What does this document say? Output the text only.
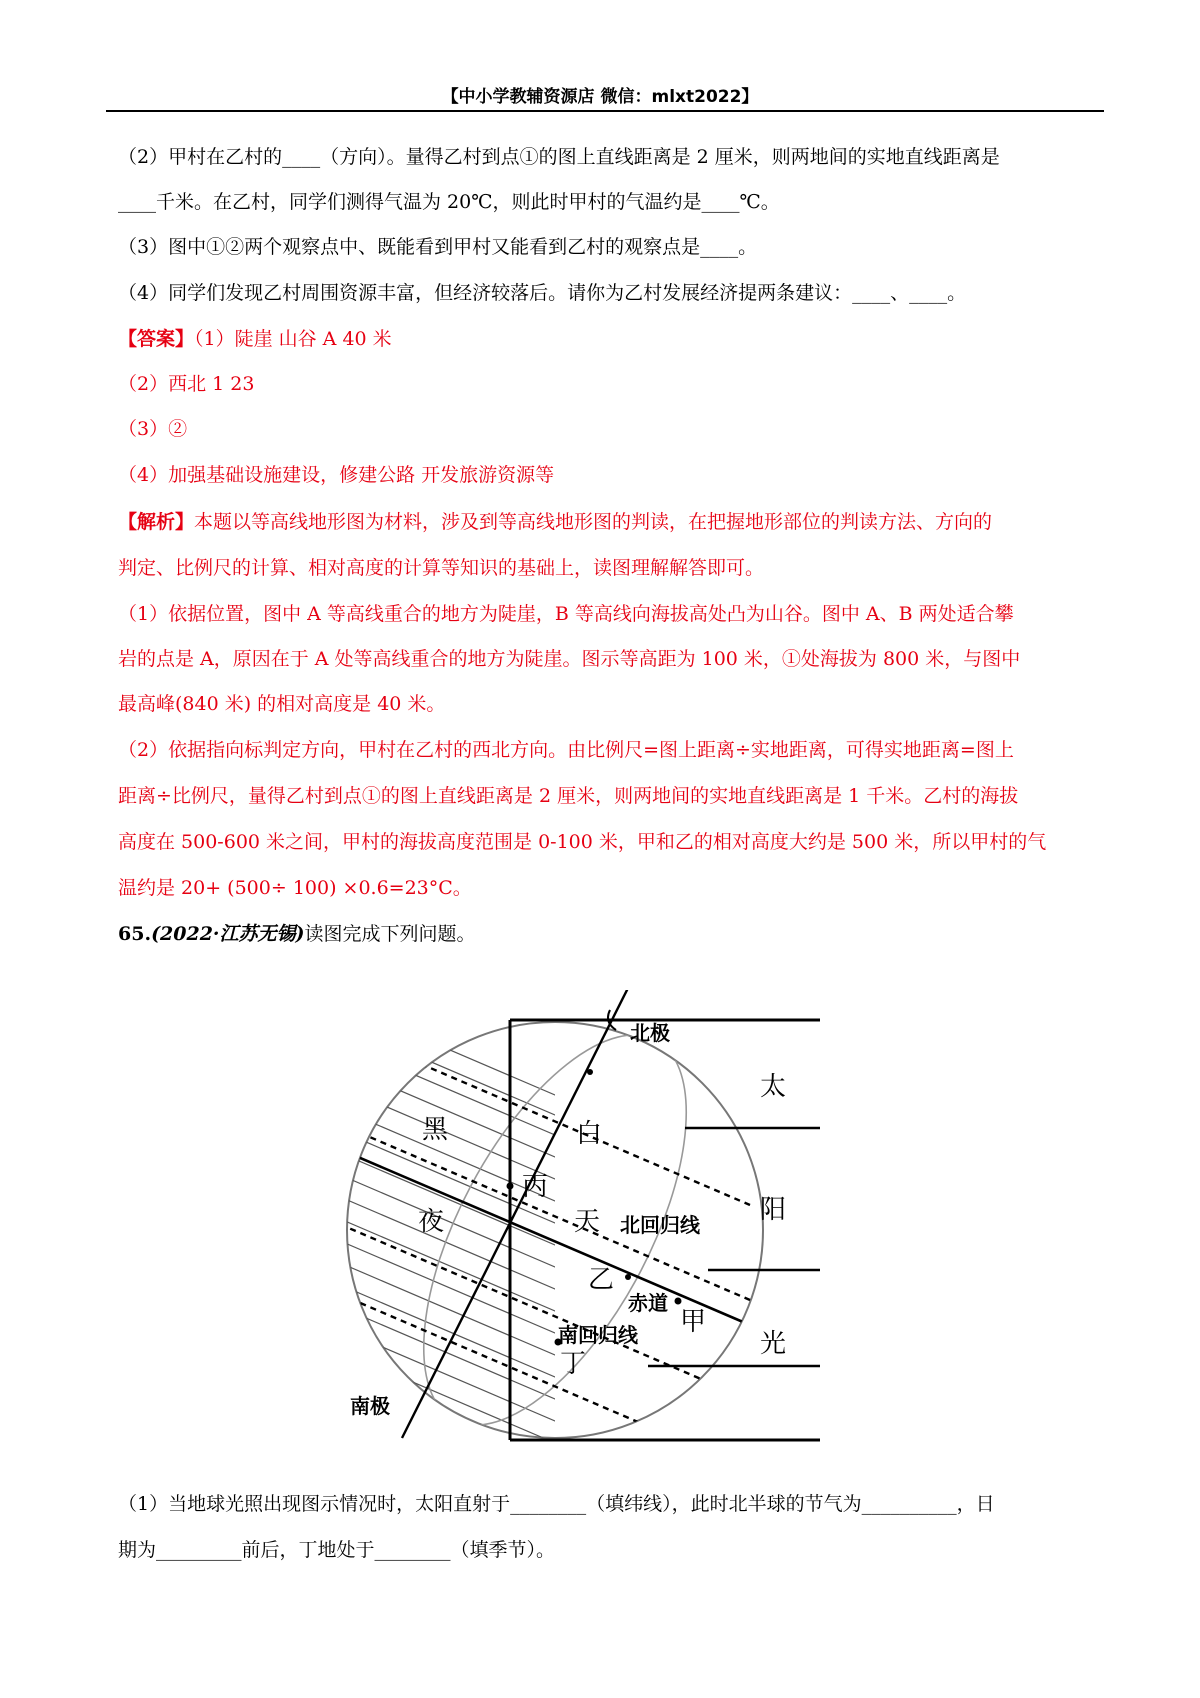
【中小学教辅资源店 微信：mlxt2022】
（2）甲村在乙村的____（方向）。量得乙村到点①的图上直线距离是 2 厘米，则两地间的实地直线距离是
____千米。在乙村，同学们测得气温为 20℃，则此时甲村的气温约是____℃。
（3）图中①②两个观察点中、既能看到甲村又能看到乙村的观察点是____。
（4）同学们发现乙村周围资源丰富，但经济较落后。请你为乙村发展经济提两条建议：____、____。
【答案】（1）陡崖 山谷 A 40 米
（2）西北 1 23
（3）②
（4）加强基础设施建设，修建公路 开发旅游资源等
【解析】本题以等高线地形图为材料，涉及到等高线地形图的判读，在把握地形部位的判读方法、方向的
判定、比例尺的计算、相对高度的计算等知识的基础上，读图理解解答即可。
（1）依据位置，图中 A 等高线重合的地方为陡崖，B 等高线向海拔高处凸为山谷。图中 A、B 两处适合攀
岩的点是 A，原因在于 A 处等高线重合的地方为陡崖。图示等高距为 100 米，①处海拔为 800 米，与图中
最高峰(840 米) 的相对高度是 40 米。
（2）依据指向标判定方向，甲村在乙村的西北方向。由比例尺=图上距离÷实地距离，可得实地距离=图上
距离÷比例尺，量得乙村到点①的图上直线距离是 2 厘米，则两地间的实地直线距离是 1 千米。乙村的海拔
高度在 500-600 米之间，甲村的海拔高度范围是 0-100 米，甲和乙的相对高度大约是 500 米，所以甲村的气
温约是 20+ (500÷ 100) ×0.6=23°C。
65.(2022·江苏无锡)读图完成下列问题。
北极
南极
黑
夜
白
天
丙
乙
甲
丁
北回归线
赤道
南回归线
太
阳
光
（1）当地球光照出现图示情况时，太阳直射于________（填纬线），此时北半球的节气为__________，日
期为_________前后，丁地处于________（填季节）。
